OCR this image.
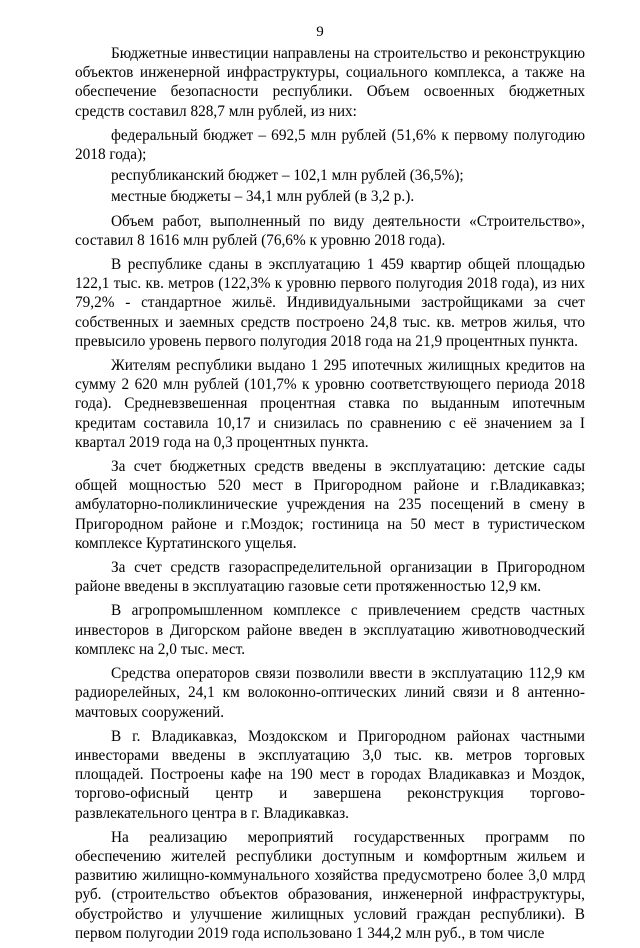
9

Бюджетные инвестиции направлены на строительство и реконструкцию объектов инженерной инфраструктуры, социального комплекса, а также на обеспечение безопасности республики. Объем освоенных бюджетных средств составил 828,7 млн рублей, из них:

федеральный бюджет – 692,5 млн рублей (51,6% к первому полугодию 2018 года);

республиканский бюджет – 102,1 млн рублей (36,5%);

местные бюджеты – 34,1 млн рублей (в 3,2 р.).

Объем работ, выполненный по виду деятельности «Строительство», составил 8 1616 млн рублей (76,6% к уровню 2018 года).

В республике сданы в эксплуатацию 1 459 квартир общей площадью 122,1 тыс. кв. метров (122,3% к уровню первого полугодия 2018 года), из них 79,2% - стандартное жильё. Индивидуальными застройщиками за счет собственных и заемных средств построено 24,8 тыс. кв. метров жилья, что превысило уровень первого полугодия 2018 года на 21,9 процентных пункта.

Жителям республики выдано 1 295 ипотечных жилищных кредитов на сумму 2 620 млн рублей (101,7% к уровню соответствующего периода 2018 года). Средневзвешенная процентная ставка по выданным ипотечным кредитам составила 10,17 и снизилась по сравнению с её значением за I квартал 2019 года на 0,3 процентных пункта.

За счет бюджетных средств введены в эксплуатацию: детские сады общей мощностью 520 мест в Пригородном районе и г.Владикавказ; амбулаторно-поликлинические учреждения на 235 посещений в смену в Пригородном районе и г.Моздок; гостиница на 50 мест в туристическом комплексе Куртатинского ущелья.

За счет средств газораспределительной организации в Пригородном районе введены в эксплуатацию газовые сети протяженностью 12,9 км.

В агропромышленном комплексе с привлечением средств частных инвесторов в Дигорском районе введен в эксплуатацию животноводческий комплекс на 2,0 тыс. мест.

Средства операторов связи позволили ввести в эксплуатацию 112,9 км радиорелейных, 24,1 км волоконно-оптических линий связи и 8 антенно-мачтовых сооружений.

В г. Владикавказ, Моздокском и Пригородном районах частными инвесторами введены в эксплуатацию 3,0 тыс. кв. метров торговых площадей. Построены кафе на 190 мест в городах Владикавказ и Моздок, торгово-офисный центр и завершена реконструкция торгово-развлекательного центра в г. Владикавказ.

На реализацию мероприятий государственных программ по обеспечению жителей республики доступным и комфортным жильем и развитию жилищно-коммунального хозяйства предусмотрено более 3,0 млрд руб. (строительство объектов образования, инженерной инфраструктуры, обустройство и улучшение жилищных условий граждан республики). В первом полугодии 2019 года использовано 1 344,2 млн руб., в том числе
